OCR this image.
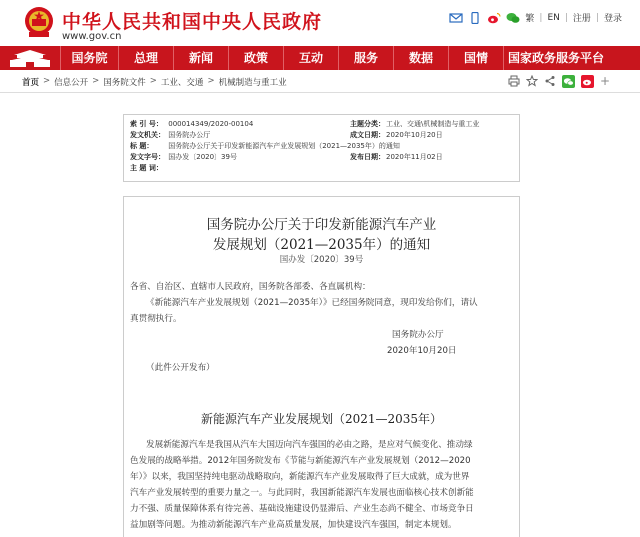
中华人民共和国中央人民政府
www.gov.cn
繁 | EN | 注册 | 登录
国务院	总理	新闻	政策	互动	服务	数据	国情	国家政务服务平台
首页 > 信息公开 > 国务院文件 > 工业、交通 > 机械制造与重工业	+
索 引 号： 000014349/2020-00104	主题分类：工业、交通\机械制造与重工业
发文机关： 国务院办公厅	成文日期：2020年10月20日
标 题： 国务院办公厅关于印发新能源汽车产业发展规划（2021—2035年）的通知
发文字号： 国办发〔2020〕39号	发布日期：2020年11月02日
主 题 词：
国务院办公厅关于印发新能源汽车产业
发展规划（2021—2035年）的通知
国办发〔2020〕39号
各省、自治区、直辖市人民政府，国务院各部委、各直属机构：
《新能源汽车产业发展规划（2021—2035年）》已经国务院同意，现印发给你们，请认
真贯彻执行。
国务院办公厅
2020年10月20日
（此件公开发布）
新能源汽车产业发展规划（2021—2035年）
发展新能源汽车是我国从汽车大国迈向汽车强国的必由之路，是应对气候变化、推动绿
色发展的战略举措。2012年国务院发布《节能与新能源汽车产业发展规划（2012—2020
年）》以来，我国坚持纯电驱动战略取向，新能源汽车产业发展取得了巨大成就，成为世界
汽车产业发展转型的重要力量之一。与此同时，我国新能源汽车发展也面临核心技术创新能
力不强、质量保障体系有待完善、基础设施建设仍显滞后、产业生态尚不健全、市场竞争日
益加剧等问题。为推动新能源汽车产业高质量发展，加快建设汽车强国，制定本规划。
